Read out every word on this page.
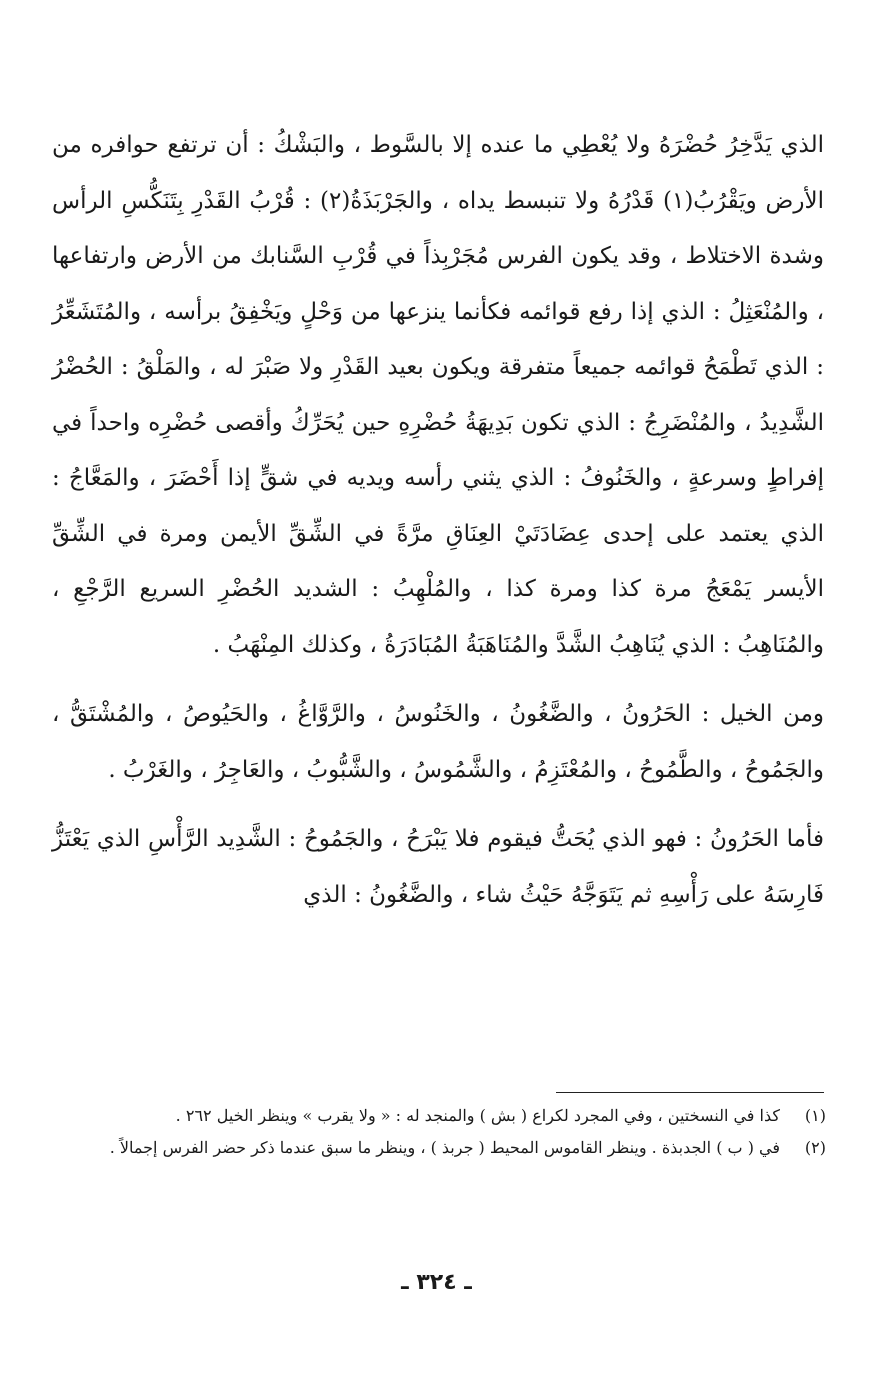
الذي يَدَّخِرُ حُضْرَهُ ولا يُعْطِي ما عنده إلا بالسَّوط ، والبَشْكُ : أن ترتفع حوافره من الأرض ويَقْرُبُ(١) قَدْرُهُ ولا تنبسط يداه ، والجَرْبَذَةُ(٢) : قُرْبُ القَدْرِ بِتَنَكُّسِ الرأس وشدة الاختلاط ، وقد يكون الفرس مُجَرْبِذاً في قُرْبِ السَّنابك من الأرض وارتفاعها ، والمُنْعَثِلُ : الذي إذا رفع قوائمه فكأنما ينزعها من وَحْلٍ ويَخْفِقُ برأسه ، والمُتَشَعِّرُ : الذي تَطْمَحُ قوائمه جميعاً متفرقة ويكون بعيد القَدْرِ ولا صَبْرَ له ، والمَلْقُ : الحُضْرُ الشَّدِيدُ ، والمُنْضَرِجُ : الذي تكون بَدِيهَةُ حُضْرِهِ حين يُحَرِّكُ وأقصى حُضْرِه واحداً في إفراطٍ وسرعةٍ ، والخَنُوفُ : الذي يثني رأسه ويديه في شقٍّ إذا أَحْضَرَ ، والمَعَّاجُ : الذي يعتمد على إحدى عِضَادَتَيْ العِنَاقِ مرَّةً في الشِّقِّ الأيمن ومرة في الشِّقِّ الأيسر يَمْعَجُ مرة كذا ومرة كذا ، والمُلْهِبُ : الشديد الحُضْرِ السريع الرَّجْعِ ، والمُنَاهِبُ : الذي يُنَاهِبُ الشَّدَّ والمُنَاهَبَةُ المُبَادَرَةُ ، وكذلك المِنْهَبُ .

ومن الخيل : الحَرُونُ ، والضَّغُونُ ، والخَنُوسُ ، والرَّوَّاغُ ، والحَيُوصُ ، والمُشْتَقُّ ، والجَمُوحُ ، والطَّمُوحُ ، والمُعْتَزِمُ ، والشَّمُوسُ ، والشَّبُّوبُ ، والعَاجِرُ ، والغَرْبُ .

فأما الحَرُونُ : فهو الذي يُحَتُّ فيقوم فلا يَبْرَحُ ، والجَمُوحُ : الشَّدِيد الرَّأْسِ الذي يَعْتَزُّ فَارِسَهُ على رَأْسِهِ ثم يَتَوَجَّهُ حَيْثُ شاء ، والضَّغُونُ : الذي

(١)
كذا في النسختين ، وفي المجرد لكراع ( بش ) والمنجد له : « ولا يقرب » وينظر الخيل ٢٦٢ .
(٢)
في ( ب ) الجدبذة . وينظر القاموس المحيط ( جربذ ) ، وينظر ما سبق عندما ذكر حضر الفرس إجمالاً .
ـ ٣٢٤ ـ
